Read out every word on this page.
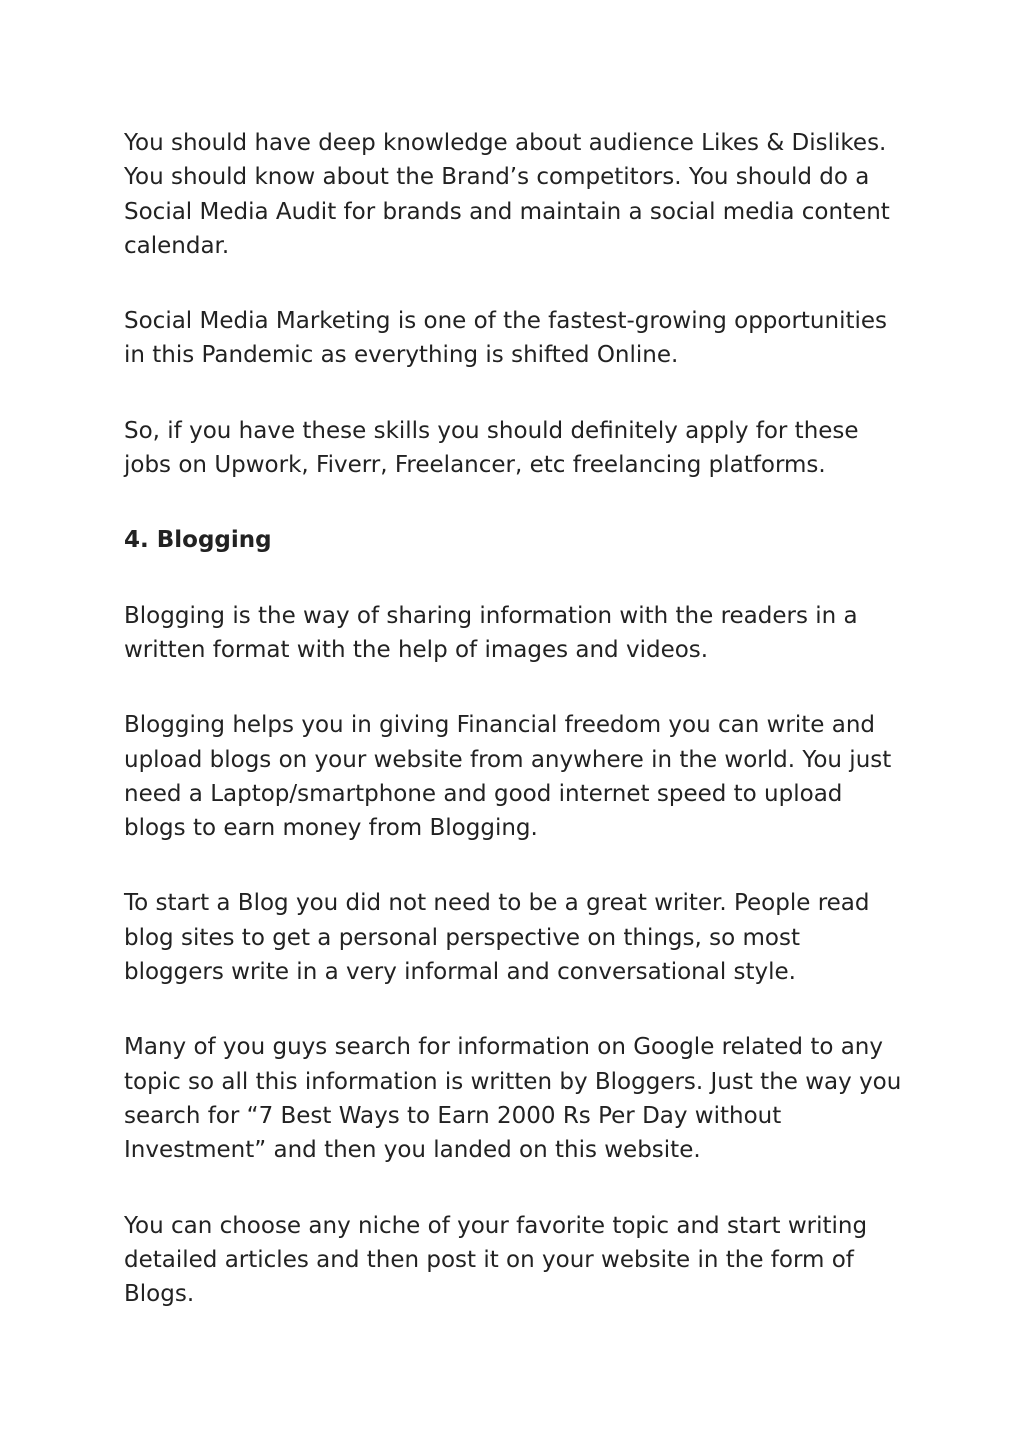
You should have deep knowledge about audience Likes & Dislikes. You should know about the Brand’s competitors. You should do a Social Media Audit for brands and maintain a social media content calendar.

Social Media Marketing is one of the fastest-growing opportunities in this Pandemic as everything is shifted Online.

So, if you have these skills you should definitely apply for these jobs on Upwork, Fiverr, Freelancer, etc freelancing platforms.

4. Blogging

Blogging is the way of sharing information with the readers in a written format with the help of images and videos.

Blogging helps you in giving Financial freedom you can write and upload blogs on your website from anywhere in the world. You just need a Laptop/smartphone and good internet speed to upload blogs to earn money from Blogging.

To start a Blog you did not need to be a great writer. People read blog sites to get a personal perspective on things, so most bloggers write in a very informal and conversational style.

Many of you guys search for information on Google related to any topic so all this information is written by Bloggers. Just the way you search for “7 Best Ways to Earn 2000 Rs Per Day without Investment” and then you landed on this website.

You can choose any niche of your favorite topic and start writing detailed articles and then post it on your website in the form of Blogs.
